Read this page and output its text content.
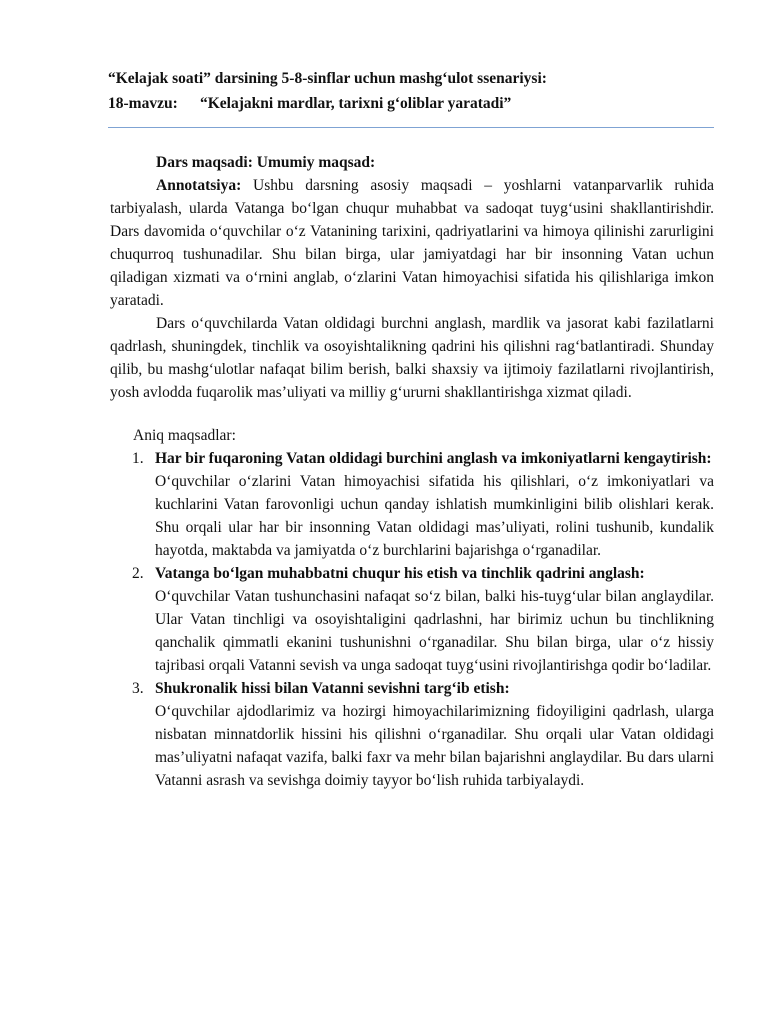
“Kelajak soati” darsining 5-8-sinflar uchun mashg‘ulot ssenariysi:
18-mavzu: “Kelajakni mardlar, tarixni g‘oliblar yaratadi”

Dars maqsadi: Umumiy maqsad:

Annotatsiya: Ushbu darsning asosiy maqsadi – yoshlarni vatanparvarlik ruhida tarbiyalash, ularda Vatanga bo‘lgan chuqur muhabbat va sadoqat tuyg‘usini shakllantirishdir. Dars davomida o‘quvchilar o‘z Vatanining tarixini, qadriyatlarini va himoya qilinishi zarurligini chuqurroq tushunadilar. Shu bilan birga, ular jamiyatdagi har bir insonning Vatan uchun qiladigan xizmati va o‘rnini anglab, o‘zlarini Vatan himoyachisi sifatida his qilishlariga imkon yaratadi.

Dars o‘quvchilarda Vatan oldidagi burchni anglash, mardlik va jasorat kabi fazilatlarni qadrlash, shuningdek, tinchlik va osoyishtalikning qadrini his qilishni rag‘batlantiradi. Shunday qilib, bu mashg‘ulotlar nafaqat bilim berish, balki shaxsiy va ijtimoiy fazilatlarni rivojlantirish, yosh avlodda fuqarolik mas’uliyati va milliy g‘ururni shakllantirishga xizmat qiladi.

Aniq maqsadlar:

1. Har bir fuqaroning Vatan oldidagi burchini anglash va imkoniyatlarni kengaytirish:
O‘quvchilar o‘zlarini Vatan himoyachisi sifatida his qilishlari, o‘z imkoniyatlari va kuchlarini Vatan farovonligi uchun qanday ishlatish mumkinligini bilib olishlari kerak. Shu orqali ular har bir insonning Vatan oldidagi mas’uliyati, rolini tushunib, kundalik hayotda, maktabda va jamiyatda o‘z burchlarini bajarishga o‘rganadilar.
2. Vatanga bo‘lgan muhabbatni chuqur his etish va tinchlik qadrini anglash:
O‘quvchilar Vatan tushunchasini nafaqat so‘z bilan, balki his-tuyg‘ular bilan anglaydilar. Ular Vatan tinchligi va osoyishtaligini qadrlashni, har birimiz uchun bu tinchlikning qanchalik qimmatli ekanini tushunishni o‘rganadilar. Shu bilan birga, ular o‘z hissiy tajribasi orqali Vatanni sevish va unga sadoqat tuyg‘usini rivojlantirishga qodir bo‘ladilar.
3. Shukronalik hissi bilan Vatanni sevishni targ‘ib etish:
O‘quvchilar ajdodlarimiz va hozirgi himoyachilarimizning fidoyiligini qadrlash, ularga nisbatan minnatdorlik hissini his qilishni o‘rganadilar. Shu orqali ular Vatan oldidagi mas’uliyatni nafaqat vazifa, balki faxr va mehr bilan bajarishni anglaydilar. Bu dars ularni Vatanni asrash va sevishga doimiy tayyor bo‘lish ruhida tarbiyalaydi.
